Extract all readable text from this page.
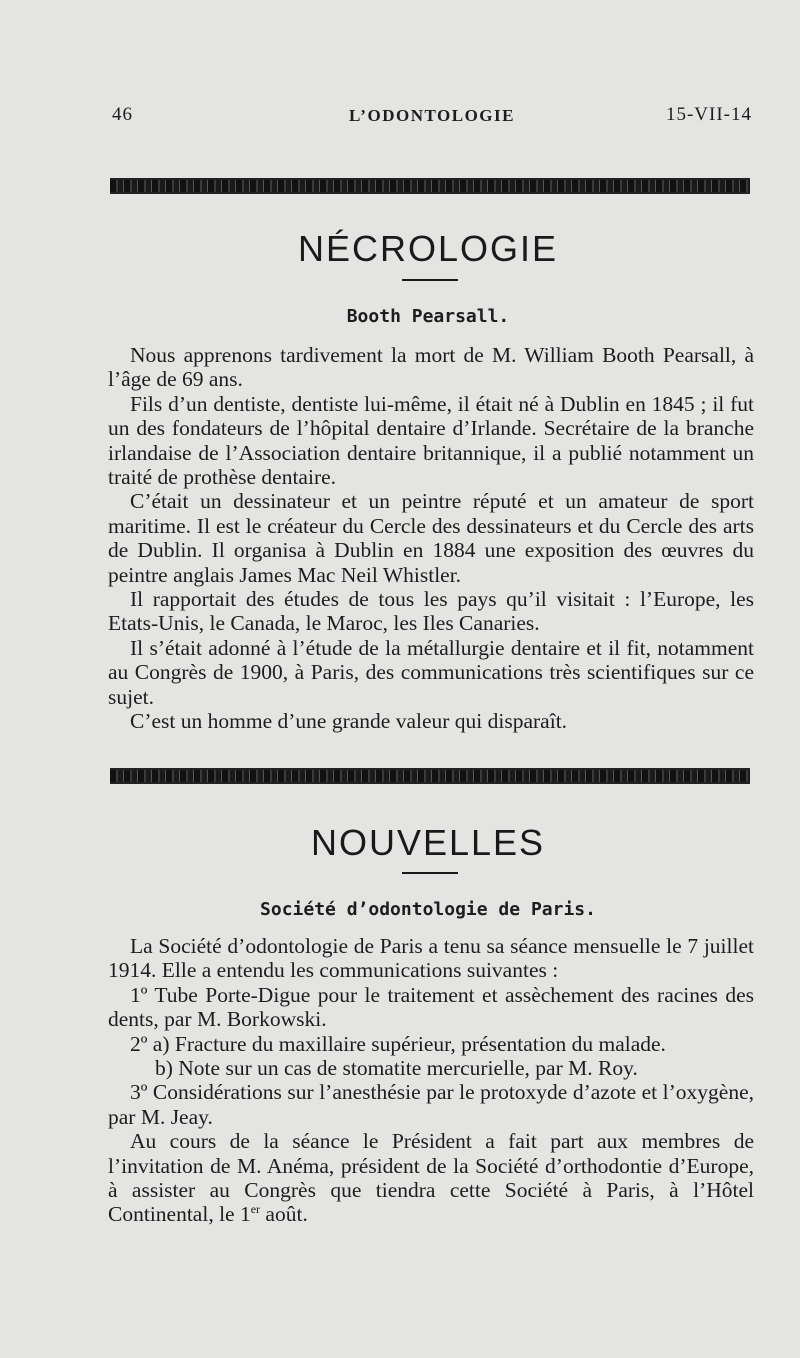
46	L’ODONTOLOGIE	15-VII-14
NÉCROLOGIE
Booth Pearsall.

Nous apprenons tardivement la mort de M. William Booth Pearsall, à l’âge de 69 ans.

Fils d’un dentiste, dentiste lui-même, il était né à Dublin en 1845 ; il fut un des fondateurs de l’hôpital dentaire d’Irlande. Secrétaire de la branche irlandaise de l’Association dentaire britannique, il a publié notamment un traité de prothèse dentaire.

C’était un dessinateur et un peintre réputé et un amateur de sport maritime. Il est le créateur du Cercle des dessinateurs et du Cercle des arts de Dublin. Il organisa à Dublin en 1884 une exposition des œuvres du peintre anglais James Mac Neil Whistler.

Il rapportait des études de tous les pays qu’il visitait : l’Europe, les Etats-Unis, le Canada, le Maroc, les Iles Canaries.

Il s’était adonné à l’étude de la métallurgie dentaire et il fit, notamment au Congrès de 1900, à Paris, des communications très scientifiques sur ce sujet.

C’est un homme d’une grande valeur qui disparaît.

NOUVELLES
Société d’odontologie de Paris.

La Société d’odontologie de Paris a tenu sa séance mensuelle le 7 juillet 1914. Elle a entendu les communications suivantes :

1º Tube Porte-Digue pour le traitement et assèchement des racines des dents, par M. Borkowski.

2º a) Fracture du maxillaire supérieur, présentation du malade.

b) Note sur un cas de stomatite mercurielle, par M. Roy.

3º Considérations sur l’anesthésie par le protoxyde d’azote et l’oxygène, par M. Jeay.

Au cours de la séance le Président a fait part aux membres de l’invitation de M. Anéma, président de la Société d’orthodontie d’Europe, à assister au Congrès que tiendra cette Société à Paris, à l’Hôtel Continental, le 1er août.
